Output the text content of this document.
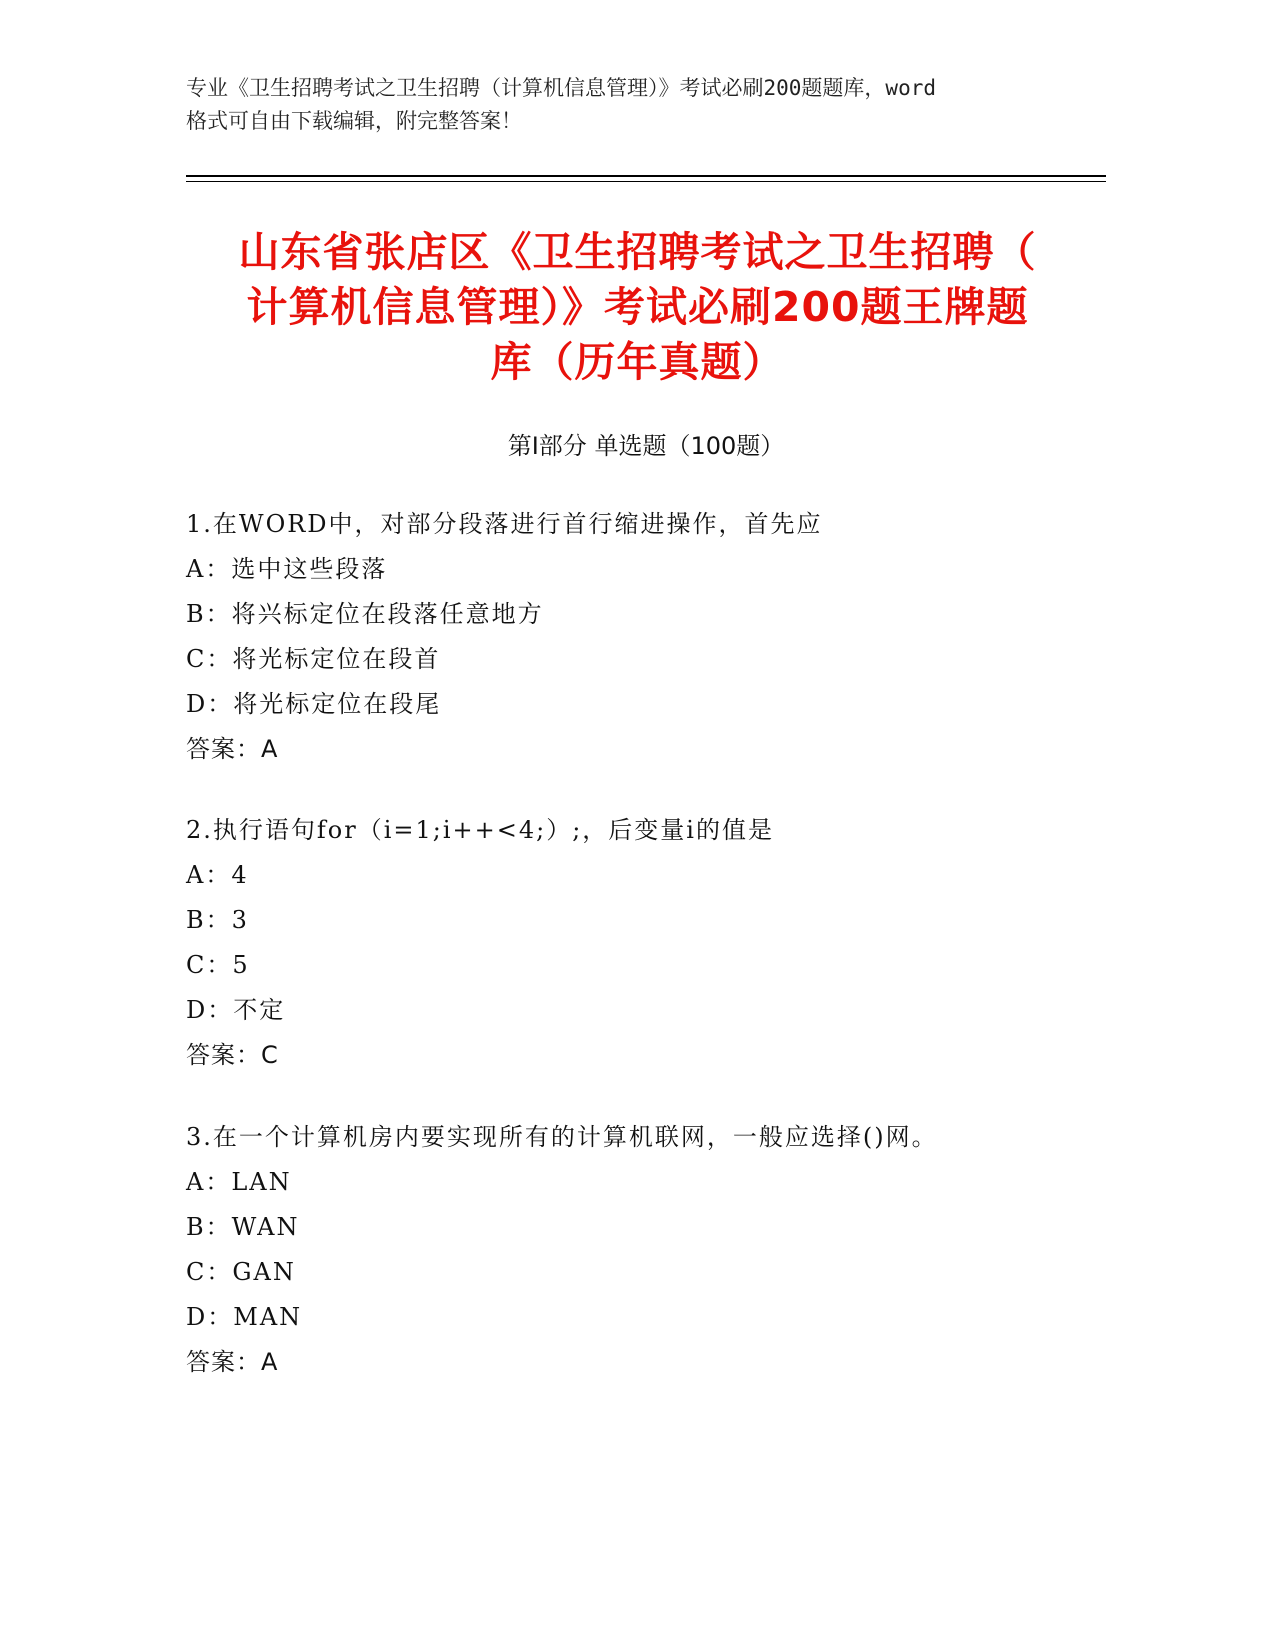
专业《卫生招聘考试之卫生招聘（计算机信息管理）》考试必刷200题题库，word
格式可自由下载编辑，附完整答案！
山东省张店区《卫生招聘考试之卫生招聘（
计算机信息管理）》考试必刷200题王牌题
库（历年真题）
第Ⅰ部分 单选题（100题）
1.在WORD中，对部分段落进行首行缩进操作，首先应
A：选中这些段落
B：将兴标定位在段落任意地方
C：将光标定位在段首
D：将光标定位在段尾
答案：A
2.执行语句for（i=1;i++<4;）;，后变量i的值是
A：4
B：3
C：5
D：不定
答案：C
3.在一个计算机房内要实现所有的计算机联网，一般应选择()网。
A：LAN
B：WAN
C：GAN
D：MAN
答案：A
